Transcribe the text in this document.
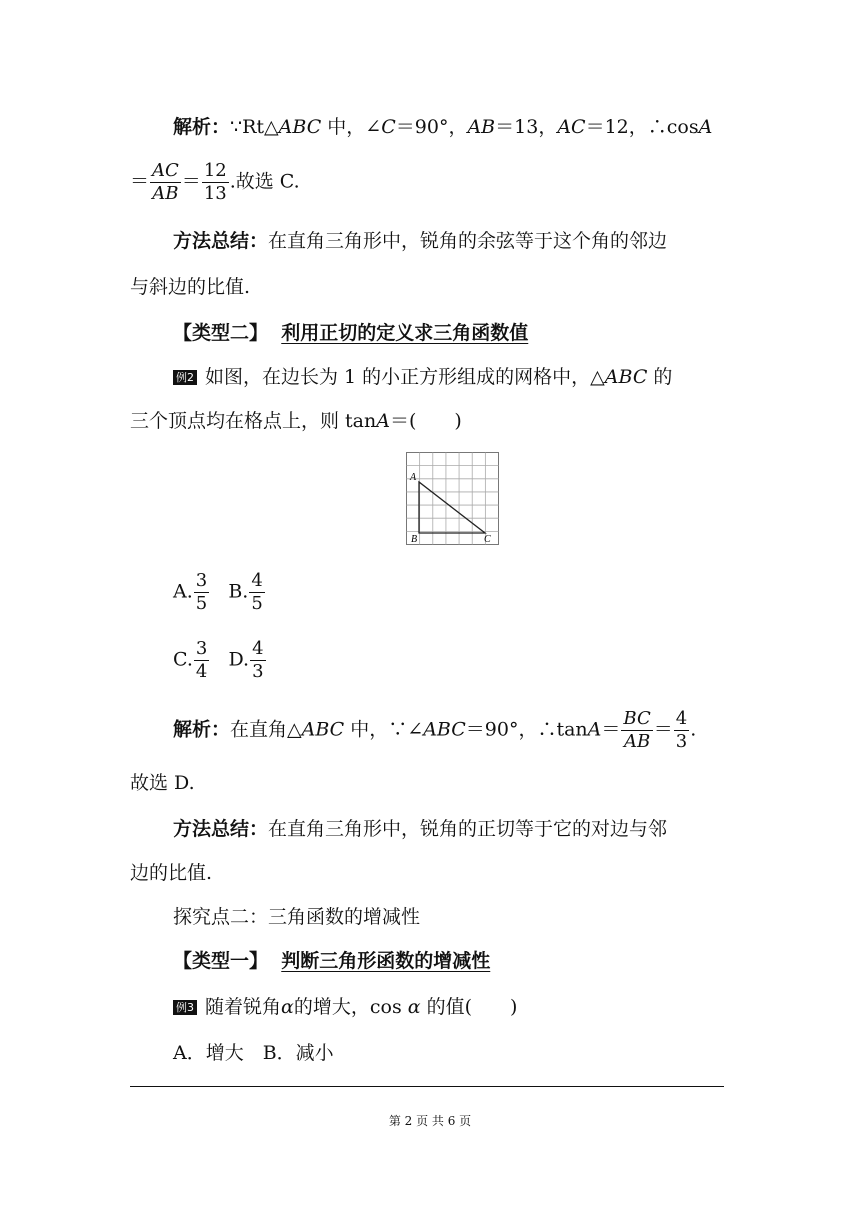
解析：∵Rt△ABC 中，∠C＝90°，AB＝13，AC＝12，∴cosA
＝ $\frac{AC}{AB} = \frac{12}{13}$ .故选 C.
方法总结：在直角三角形中，锐角的余弦等于这个角的邻边
与斜边的比值.
【类型二】 利用正切的定义求三角函数值
例2 如图，在边长为 1 的小正方形组成的网格中，△ABC 的
三个顶点均在格点上，则 tanA＝(　　)
A
B	C
A. $\frac{3}{5} B$. $\frac{4}{5}$
C. $\frac{3}{4} D$. $\frac{4}{3}$
解析：在直角△ABC 中，∵∠ABC＝90°，∴tanA＝ $\frac{BC}{AB} = \frac{4}{3}$ .
故选 D.
方法总结：在直角三角形中，锐角的正切等于它的对边与邻
边的比值.
探究点二：三角函数的增减性
【类型一】 判断三角形函数的增减性
例3 随着锐角α的增大，cos α 的值(　　)
A．增大　B．减小
第 2 页 共 6 页
